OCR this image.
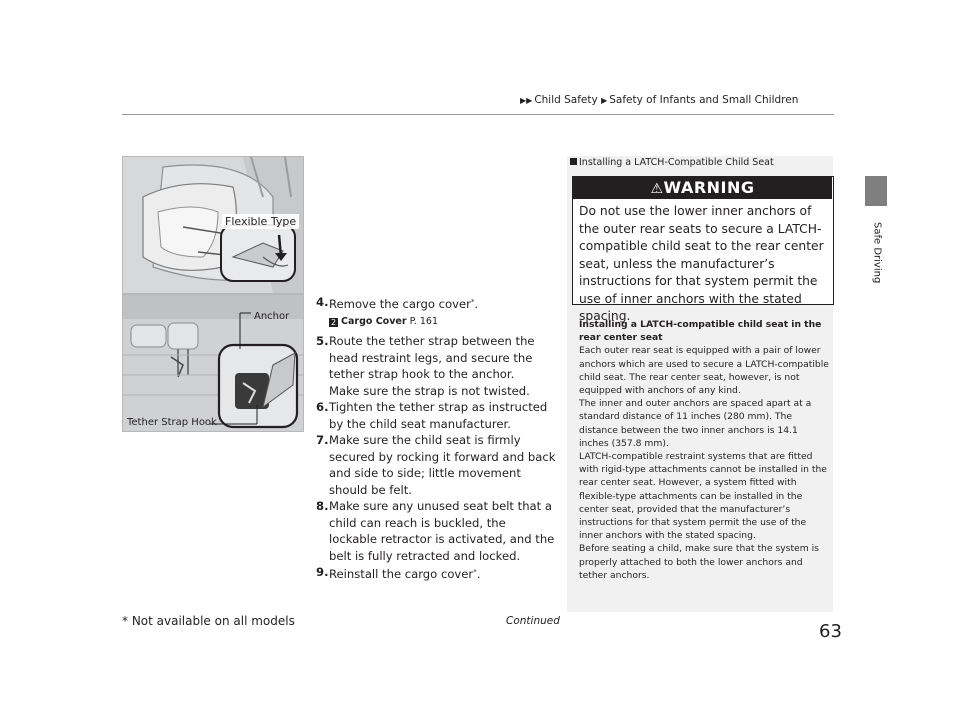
▶▶ Child Safety ▶ Safety of Infants and Small Children
Safe Driving
Flexible Type
Anchor
Tether Strap Hook
4. Remove the cargo cover*.
2 Cargo Cover P. 161
5. Route the tether strap between the head restraint legs, and secure the tether strap hook to the anchor.
Make sure the strap is not twisted.
6. Tighten the tether strap as instructed by the child seat manufacturer.
7. Make sure the child seat is firmly secured by rocking it forward and back and side to side; little movement should be felt.
8. Make sure any unused seat belt that a child can reach is buckled, the lockable retractor is activated, and the belt is fully retracted and locked.
9. Reinstall the cargo cover*.
Installing a LATCH-Compatible Child Seat
⚠WARNING
Do not use the lower inner anchors of the outer rear seats to secure a LATCH-compatible child seat to the rear center seat, unless the manufacturer’s instructions for that system permit the use of inner anchors with the stated spacing.
Installing a LATCH-compatible child seat in the rear center seat
Each outer rear seat is equipped with a pair of lower anchors which are used to secure a LATCH-compatible child seat. The rear center seat, however, is not equipped with anchors of any kind.
The inner and outer anchors are spaced apart at a standard distance of 11 inches (280 mm). The distance between the two inner anchors is 14.1 inches (357.8 mm).
LATCH-compatible restraint systems that are fitted with rigid-type attachments cannot be installed in the rear center seat. However, a system fitted with flexible-type attachments can be installed in the center seat, provided that the manufacturer’s instructions for that system permit the use of the inner anchors with the stated spacing.
Before seating a child, make sure that the system is properly attached to both the lower anchors and tether anchors.
* Not available on all models	Continued	63
